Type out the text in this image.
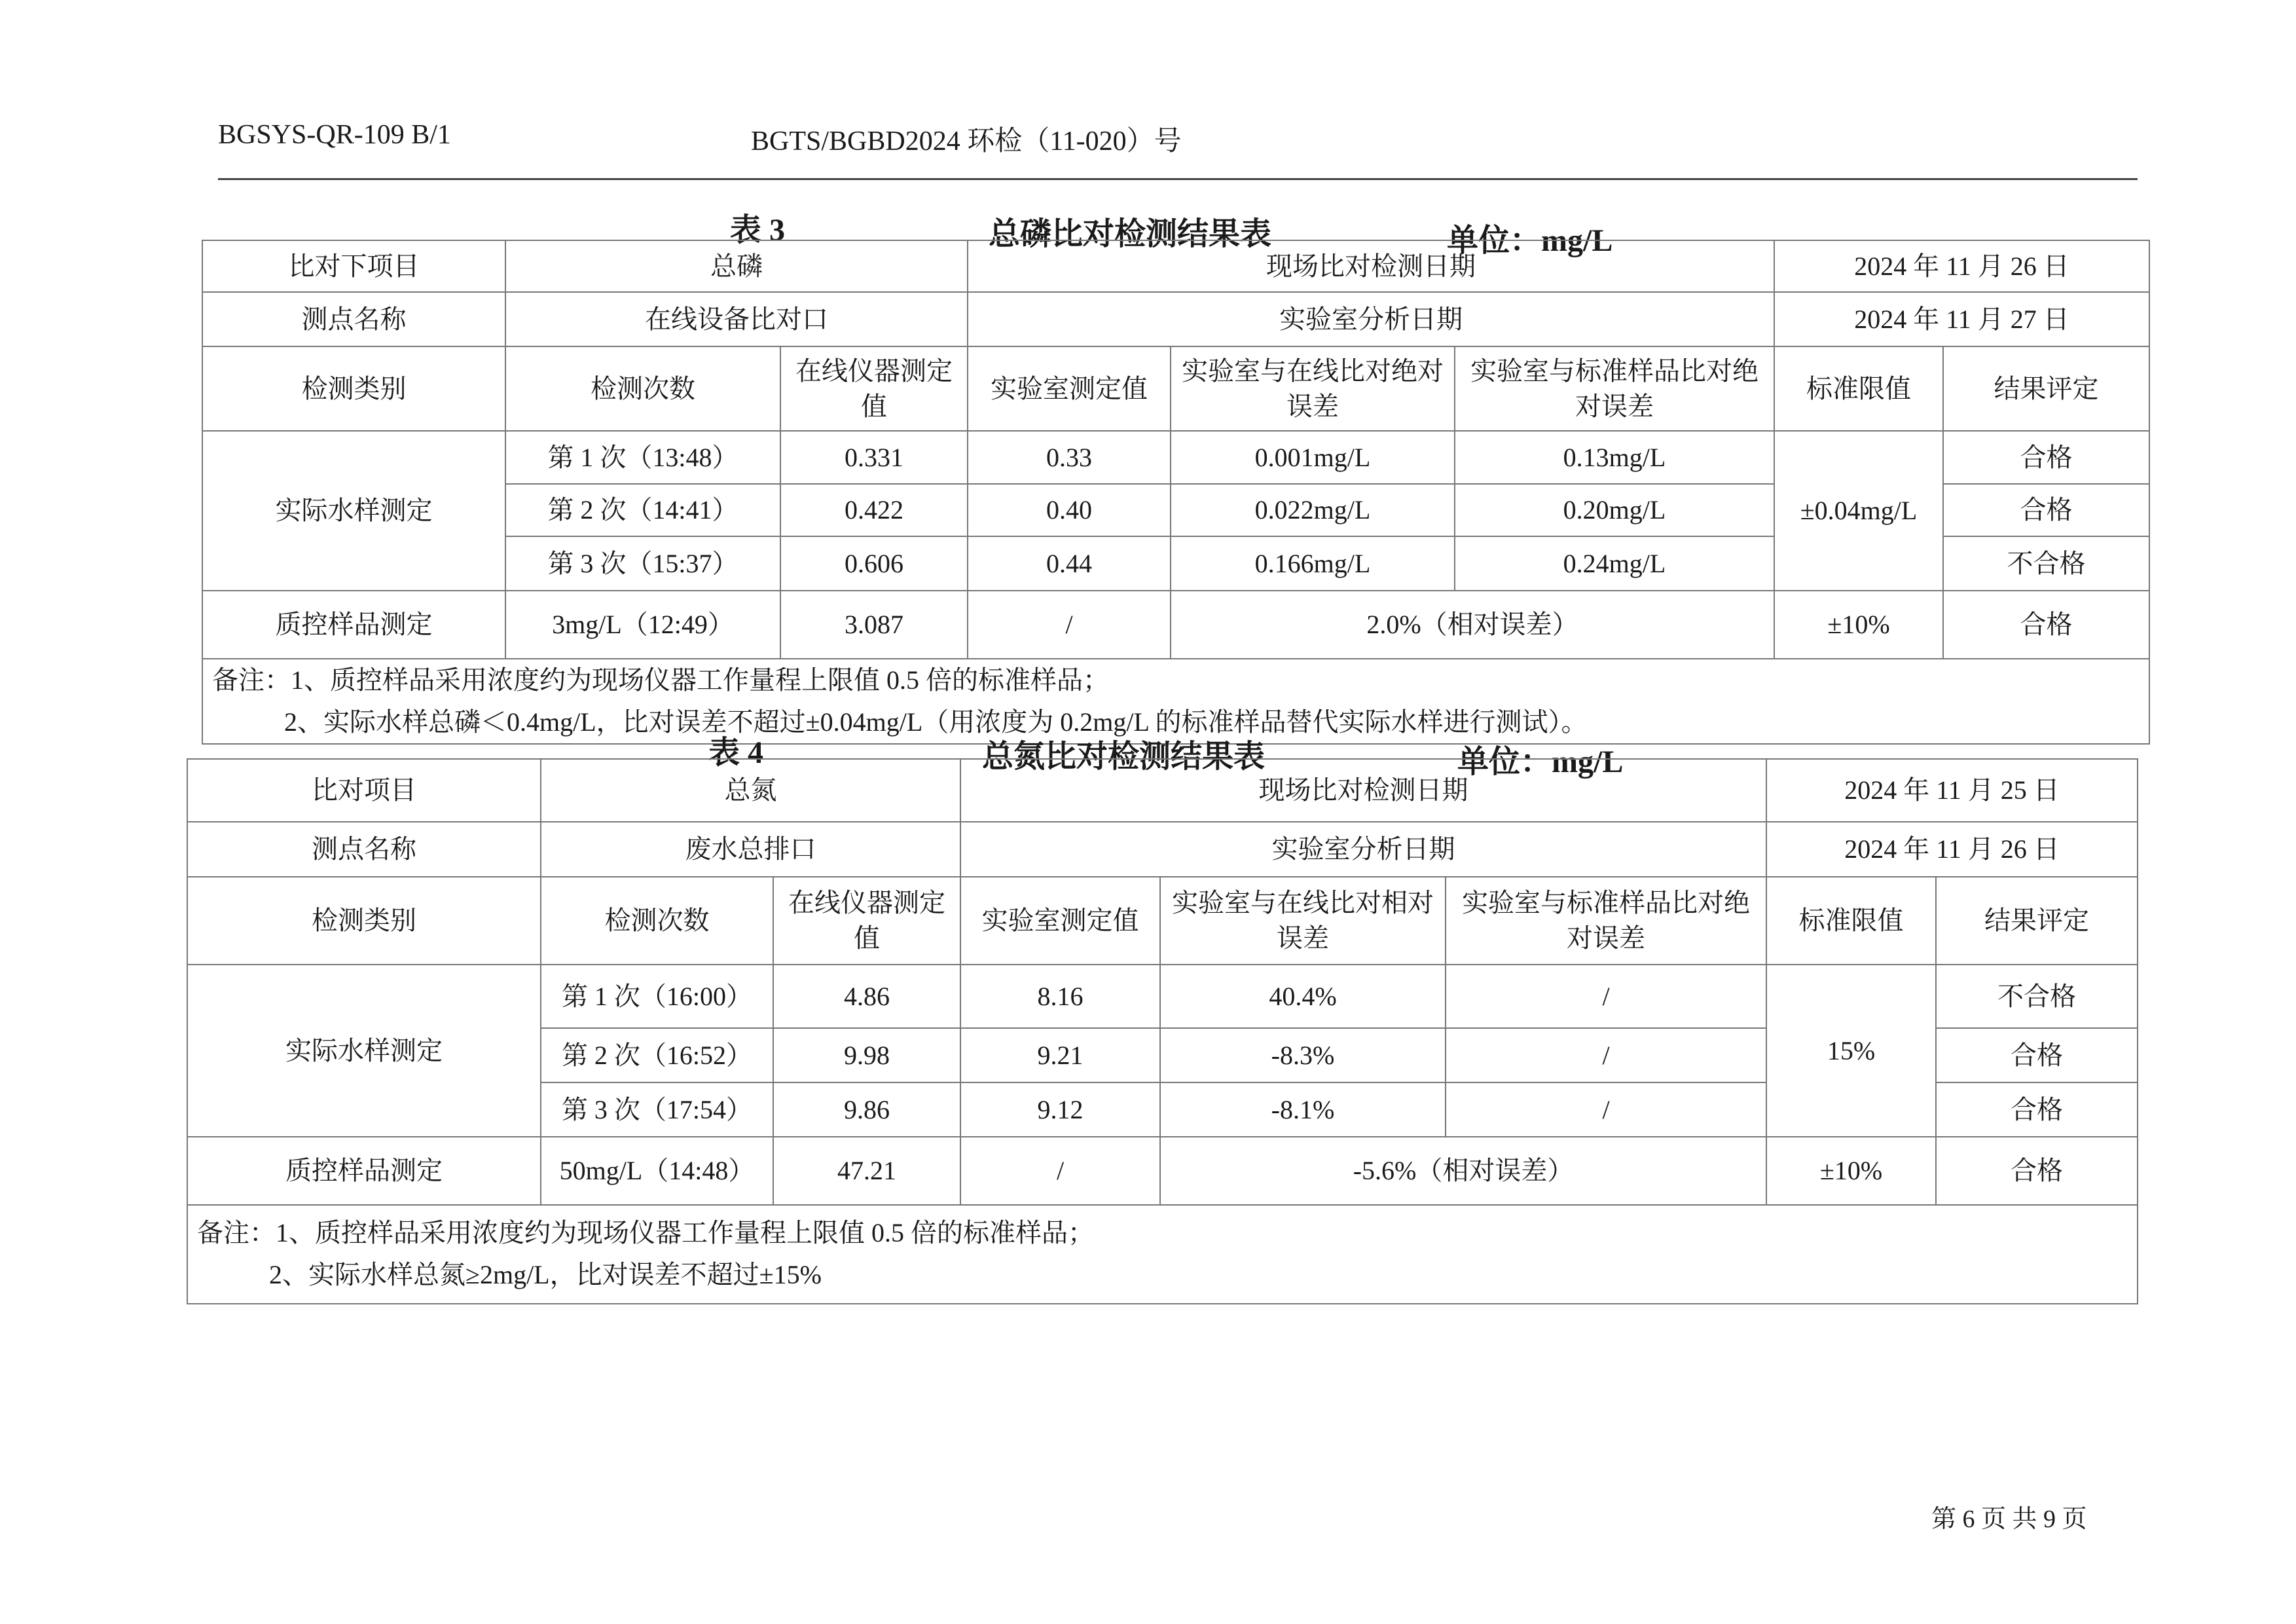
BGSYS-QR-109 B/1	BGTS/BGBD2024 环检（11-020）号
表 3	总磷比对检测结果表	单位：mg/L
比对下项目	总磷		现场比对检测日期			2024 年 11 月 26 日	
测点名称	在线设备比对口		实验室分析日期			2024 年 11 月 27 日	
检测类别	检测次数	在线仪器测定值	实验室测定值	实验室与在线比对绝对误差	实验室与标准样品比对绝对误差	标准限值	结果评定
实际水样测定	第 1 次（13:48）	0.331	0.33	0.001mg/L	0.13mg/L	±0.04mg/L	合格
	第 2 次（14:41）	0.422	0.40	0.022mg/L	0.20mg/L		合格
	第 3 次（15:37）	0.606	0.44	0.166mg/L	0.24mg/L		不合格
质控样品测定	3mg/L（12:49）	3.087	/	2.0%（相对误差）		±10%	合格

备注：1、质控样品采用浓度约为现场仪器工作量程上限值 0.5 倍的标准样品；
2、实际水样总磷＜0.4mg/L，比对误差不超过±0.04mg/L（用浓度为 0.2mg/L 的标准样品替代实际水样进行测试）。							
表 4	总氮比对检测结果表	单位：mg/L
比对项目	总氮		现场比对检测日期			2024 年 11 月 25 日	
测点名称	废水总排口		实验室分析日期			2024 年 11 月 26 日	
检测类别	检测次数	在线仪器测定值	实验室测定值	实验室与在线比对相对误差	实验室与标准样品比对绝对误差	标准限值	结果评定
实际水样测定	第 1 次（16:00）	4.86	8.16	40.4%	/	15%	不合格
	第 2 次（16:52）	9.98	9.21	-8.3%	/		合格
	第 3 次（17:54）	9.86	9.12	-8.1%	/		合格
质控样品测定	50mg/L（14:48）	47.21	/	-5.6%（相对误差）		±10%	合格

备注：1、质控样品采用浓度约为现场仪器工作量程上限值 0.5 倍的标准样品；
2、实际水样总氮≥2mg/L，比对误差不超过±15%							
第 6 页 共 9 页
